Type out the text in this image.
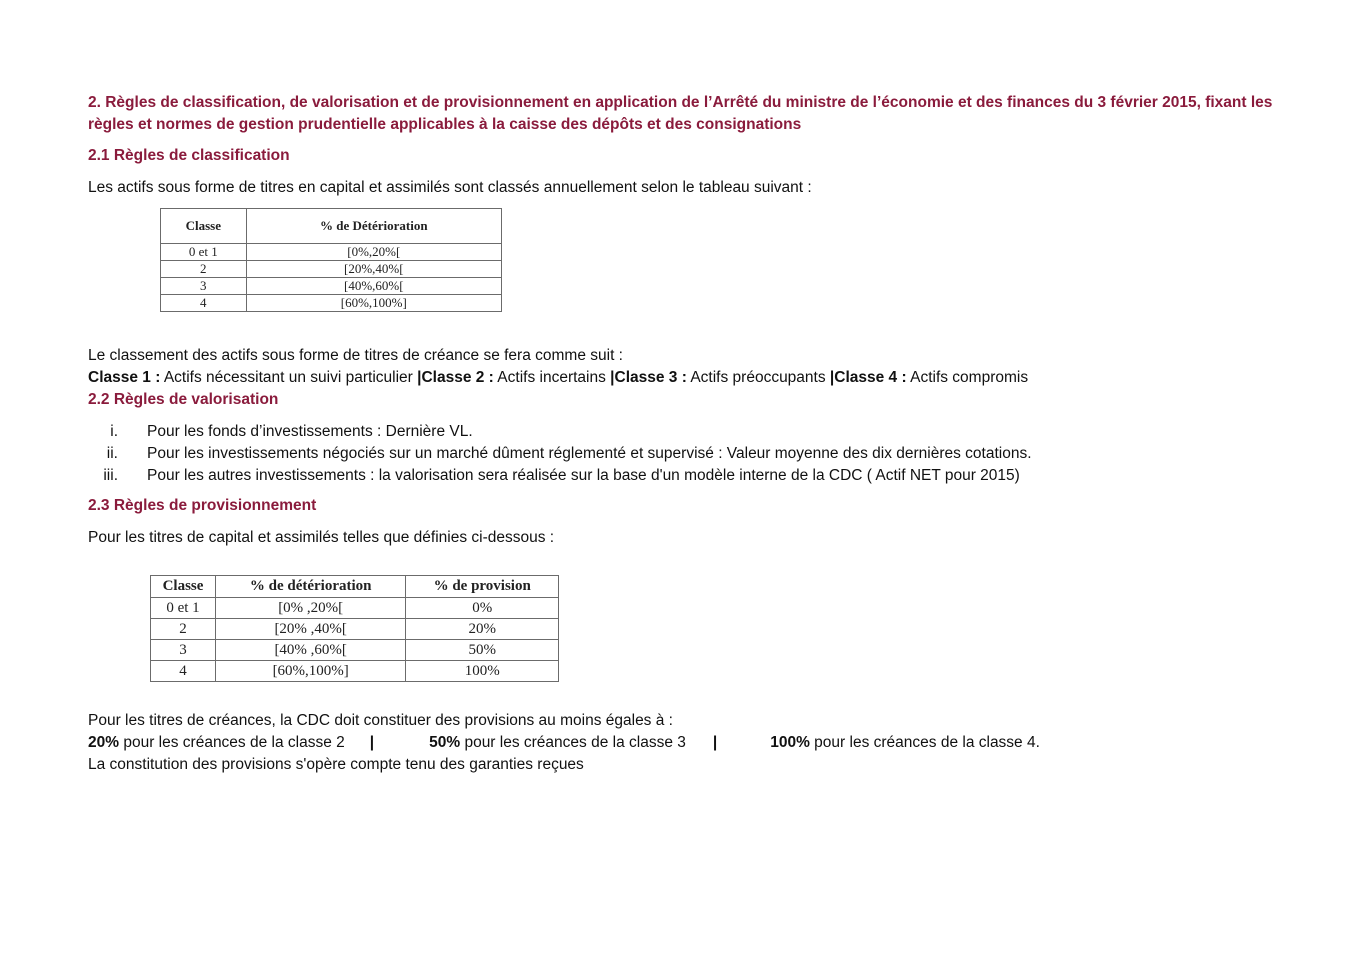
2. Règles de classification, de valorisation et de provisionnement en application de l’Arrêté du ministre de l’économie et des finances du 3 février 2015, fixant les règles et normes de gestion prudentielle applicables à la caisse des dépôts et des consignations

2.1 Règles de classification

Les actifs sous forme de titres en capital et assimilés sont classés annuellement selon le tableau suivant :

Classe	% de Détérioration
0 et 1	[0%,20%[
2	[20%,40%[
3	[40%,60%[
4	[60%,100%]

Le classement des actifs sous forme de titres de créance se fera comme suit :

Classe 1 : Actifs nécessitant un suivi particulier |Classe 2 : Actifs incertains |Classe 3 : Actifs préoccupants |Classe 4 : Actifs compromis

2.2 Règles de valorisation

i. Pour les fonds d’investissements : Dernière VL.
ii. Pour les investissements négociés sur un marché dûment réglementé et supervisé : Valeur moyenne des dix dernières cotations.
iii. Pour les autres investissements : la valorisation sera réalisée sur la base d'un modèle interne de la CDC ( Actif NET pour 2015)

2.3 Règles de provisionnement

Pour les titres de capital et assimilés telles que définies ci-dessous :

Classe	% de détérioration	% de provision
0 et 1	[0% ,20%[	0%
2	[20% ,40%[	20%
3	[40% ,60%[	50%
4	[60%,100%]	100%

Pour les titres de créances, la CDC doit constituer des provisions au moins égales à :

20% pour les créances de la classe 2 |	50% pour les créances de la classe 3 |	100% pour les créances de la classe 4.

La constitution des provisions s'opère compte tenu des garanties reçues
